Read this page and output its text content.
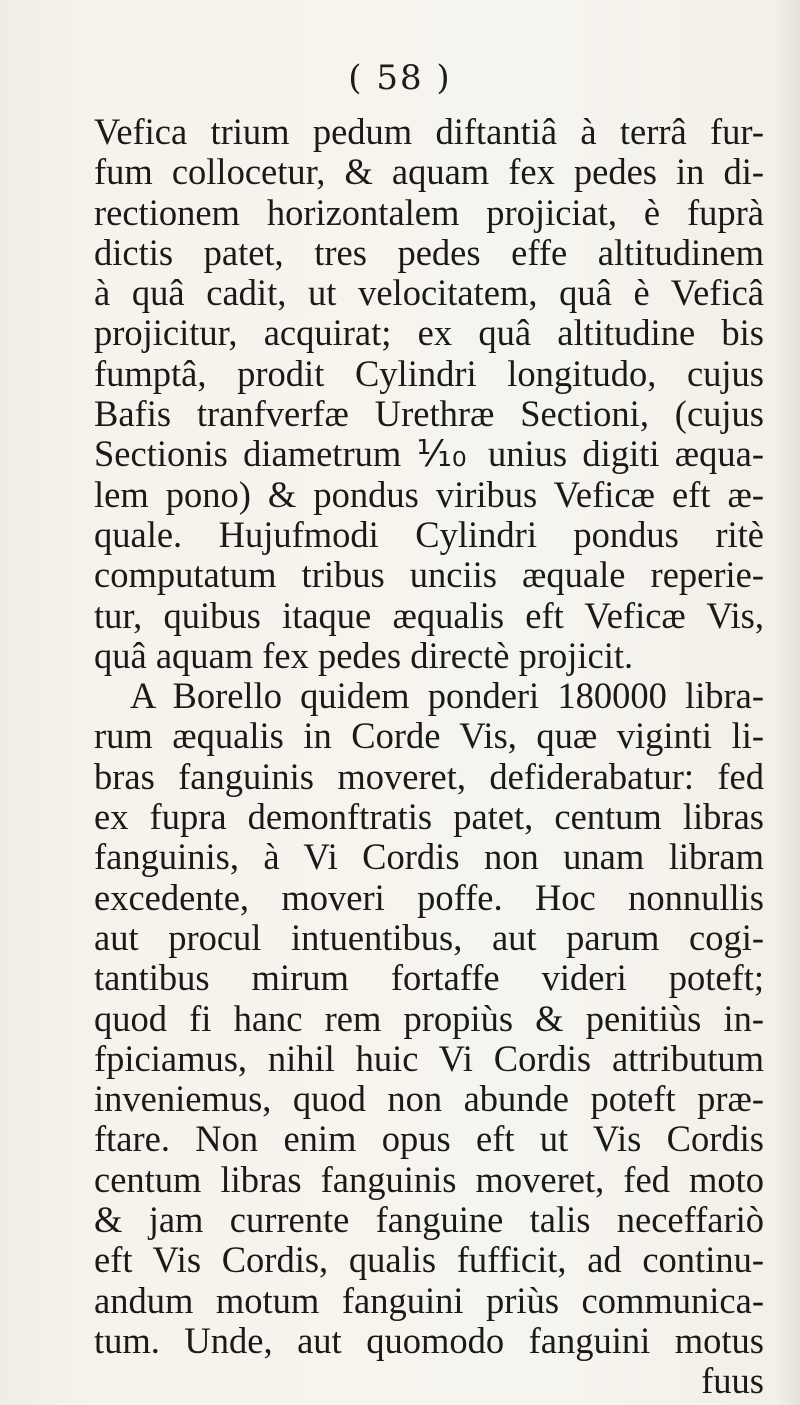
( 58 )
Vefica trium pedum diftantiâ à terrâ fur-
fum collocetur, & aquam fex pedes in di-
rectionem horizontalem projiciat, è fuprà
dictis patet, tres pedes effe altitudinem
à quâ cadit, ut velocitatem, quâ è Veficâ
projicitur, acquirat; ex quâ altitudine bis
fumptâ, prodit Cylindri longitudo, cujus
Bafis tranfverfæ Urethræ Sectioni, (cujus
Sectionis diametrum ⅒ unius digiti æqua-
lem pono) & pondus viribus Veficæ eft æ-
quale. Hujufmodi Cylindri pondus ritè
computatum tribus unciis æquale reperie-
tur, quibus itaque æqualis eft Veficæ Vis,
quâ aquam fex pedes directè projicit.
A Borello quidem ponderi 180000 libra-
rum æqualis in Corde Vis, quæ viginti li-
bras fanguinis moveret, defiderabatur: fed
ex fupra demonftratis patet, centum libras
fanguinis, à Vi Cordis non unam libram
excedente, moveri poffe. Hoc nonnullis
aut procul intuentibus, aut parum cogi-
tantibus mirum fortaffe videri poteft;
quod fi hanc rem propiùs & penitiùs in-
fpiciamus, nihil huic Vi Cordis attributum
inveniemus, quod non abunde poteft præ-
ftare. Non enim opus eft ut Vis Cordis
centum libras fanguinis moveret, fed moto
& jam currente fanguine talis neceffariò
eft Vis Cordis, qualis fufficit, ad continu-
andum motum fanguini priùs communica-
tum. Unde, aut quomodo fanguini motus
fuus
